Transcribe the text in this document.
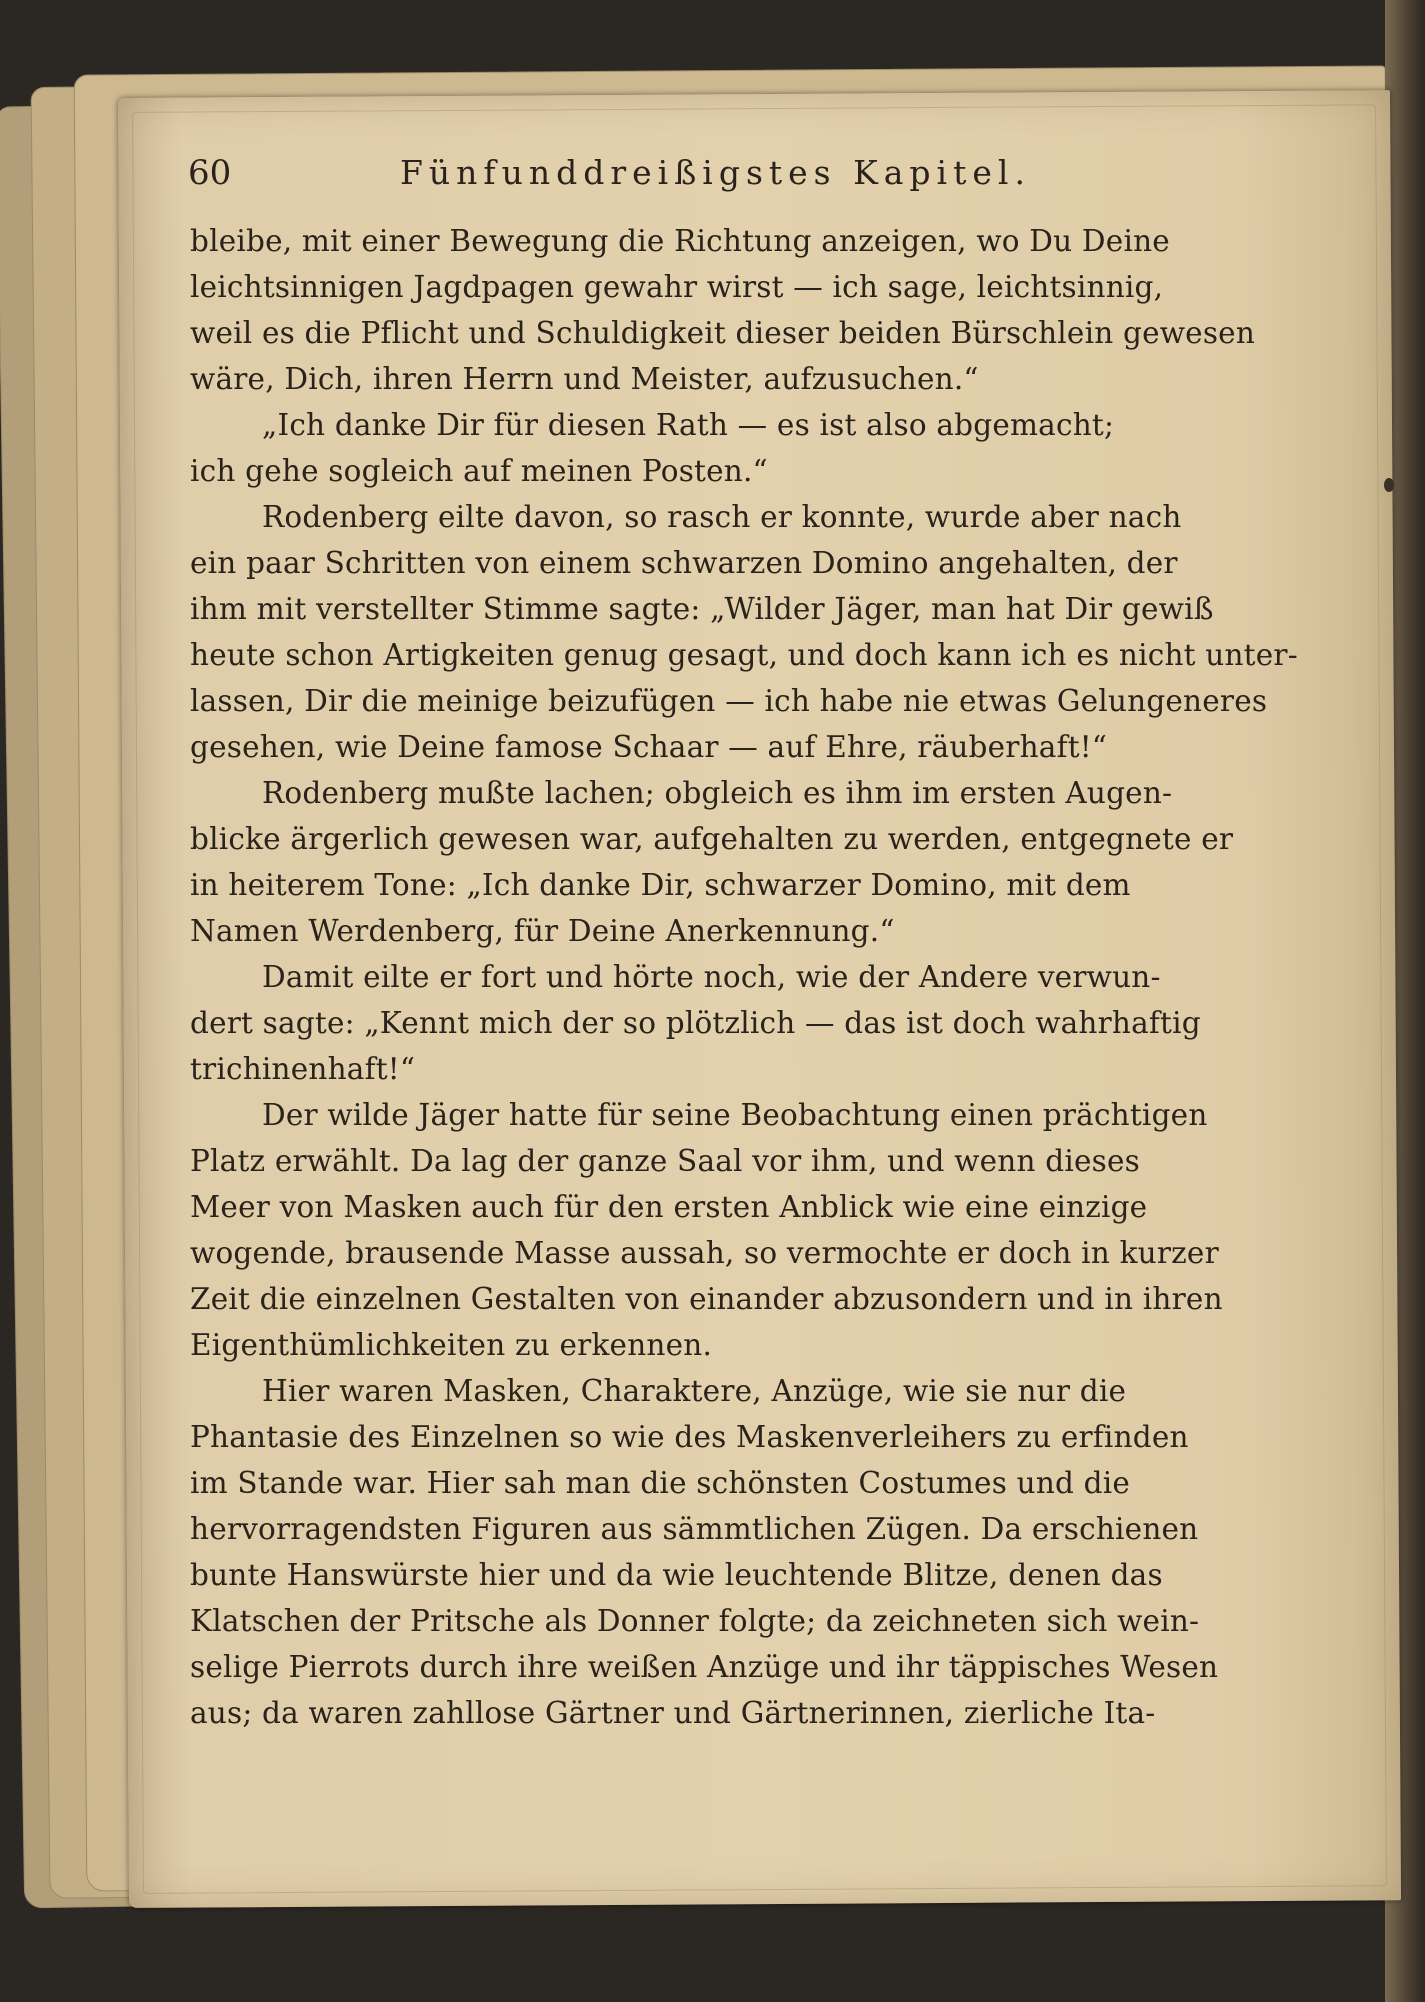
60	Fünfunddreißigstes Kapitel.
bleibe, mit einer Bewegung die Richtung anzeigen, wo Du Deine
leichtsinnigen Jagdpagen gewahr wirst — ich sage, leichtsinnig,
weil es die Pflicht und Schuldigkeit dieser beiden Bürschlein gewesen
wäre, Dich, ihren Herrn und Meister, aufzusuchen.“
„Ich danke Dir für diesen Rath — es ist also abgemacht;
ich gehe sogleich auf meinen Posten.“
Rodenberg eilte davon, so rasch er konnte, wurde aber nach
ein paar Schritten von einem schwarzen Domino angehalten, der
ihm mit verstellter Stimme sagte: „Wilder Jäger, man hat Dir gewiß
heute schon Artigkeiten genug gesagt, und doch kann ich es nicht unter-
lassen, Dir die meinige beizufügen — ich habe nie etwas Gelungeneres
gesehen, wie Deine famose Schaar — auf Ehre, räuberhaft!“
Rodenberg mußte lachen; obgleich es ihm im ersten Augen-
blicke ärgerlich gewesen war, aufgehalten zu werden, entgegnete er
in heiterem Tone: „Ich danke Dir, schwarzer Domino, mit dem
Namen Werdenberg, für Deine Anerkennung.“
Damit eilte er fort und hörte noch, wie der Andere verwun-
dert sagte: „Kennt mich der so plötzlich — das ist doch wahrhaftig
trichinenhaft!“
Der wilde Jäger hatte für seine Beobachtung einen prächtigen
Platz erwählt. Da lag der ganze Saal vor ihm, und wenn dieses
Meer von Masken auch für den ersten Anblick wie eine einzige
wogende, brausende Masse aussah, so vermochte er doch in kurzer
Zeit die einzelnen Gestalten von einander abzusondern und in ihren
Eigenthümlichkeiten zu erkennen.
Hier waren Masken, Charaktere, Anzüge, wie sie nur die
Phantasie des Einzelnen so wie des Maskenverleihers zu erfinden
im Stande war. Hier sah man die schönsten Costumes und die
hervorragendsten Figuren aus sämmtlichen Zügen. Da erschienen
bunte Hanswürste hier und da wie leuchtende Blitze, denen das
Klatschen der Pritsche als Donner folgte; da zeichneten sich wein-
selige Pierrots durch ihre weißen Anzüge und ihr täppisches Wesen
aus; da waren zahllose Gärtner und Gärtnerinnen, zierliche Ita-
